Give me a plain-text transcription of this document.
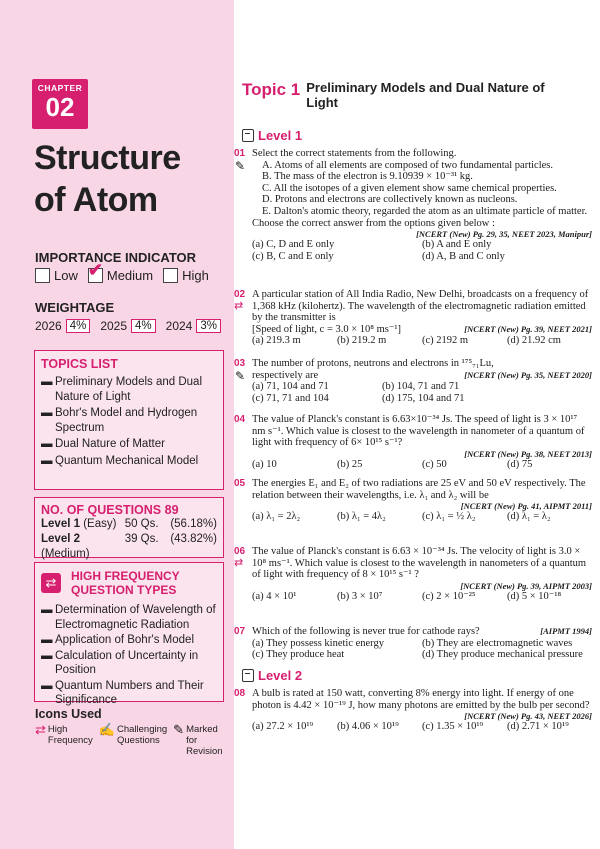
CHAPTER
02
Structure
of Atom
IMPORTANCE INDICATOR
Low ✔ Medium High
WEIGHTAGE
2026 4%	2025 4%	2024 3%
TOPICS LIST
▬ Preliminary Models and Dual Nature of Light
▬ Bohr's Model and Hydrogen Spectrum
▬ Dual Nature of Matter
▬ Quantum Mechanical Model
NO. OF QUESTIONS 89
Level 1 (Easy) 50 Qs.	(56.18%)
Level 2 (Medium)
39 Qs.	(43.82%)
⇄	HIGH FREQUENCY
QUESTION TYPES
▬ Determination of Wavelength of Electromagnetic Radiation
▬ Application of Bohr's Model
▬ Calculation of Uncertainty in Position
▬ Quantum Numbers and Their Significance
Icons Used
⇄ High
Frequency
✍ Challenging
Questions
✎ Marked for
Revision
Topic 1 Preliminary Models and Dual Nature of Light
Level 1
01
✎
Select the correct statements from the following.
A. Atoms of all elements are composed of two fundamental particles.
B. The mass of the electron is 9.10939 × 10⁻³¹ kg.
C. All the isotopes of a given element show same chemical properties.
D. Protons and electrons are collectively known as nucleons.
E. Dalton's atomic theory, regarded the atom as an ultimate particle of matter.
Choose the correct answer from the options given below :
[NCERT (New) Pg. 29, 35, NEET 2023, Manipur]
(a) C, D and E only	(b) A and E only
(c) B, C and E only	(d) A, B and C only
02
⇄
A particular station of All India Radio, New Delhi, broadcasts on a frequency of 1,368 kHz (kilohertz). The wavelength of the electromagnetic radiation emitted by the transmitter is
[Speed of light, c = 3.0 × 10⁸ ms⁻¹]	[NCERT (New) Pg. 39, NEET 2021]
(a) 219.3 m	(b) 219.2 m	(c) 2192 m	(d) 21.92 cm
03
✎
The number of protons, neutrons and electrons in ¹⁷⁵₇₁Lu,
respectively are	[NCERT (New) Pg. 35, NEET 2020]
(a) 71, 104 and 71	(b) 104, 71 and 71
(c) 71, 71 and 104	(d) 175, 104 and 71
04 The value of Planck's constant is 6.63×10⁻³⁴ Js. The speed of light is 3 × 10¹⁷ nm s⁻¹. Which value is closest to the wavelength in nanometer of a quantum of light with frequency of 6× 10¹⁵ s⁻¹?
[NCERT (New) Pg. 38, NEET 2013]
(a) 10	(b) 25	(c) 50	(d) 75
05 The energies E₁ and E₂ of two radiations are 25 eV and 50 eV respectively. The relation between their wavelengths, i.e. λ₁ and λ₂ will be
[NCERT (New) Pg. 41, AIPMT 2011]
(a) λ₁ = 2λ₂	(b) λ₁ = 4λ₂	(c) λ₁ = ½ λ₂	(d) λ₁ = λ₂
06
⇄
The value of Planck's constant is 6.63 × 10⁻³⁴ Js. The velocity of light is 3.0 × 10⁸ ms⁻¹. Which value is closest to the wavelength in nanometers of a quantum of light with frequency of 8 × 10¹⁵ s⁻¹ ?
[NCERT (New) Pg. 39, AIPMT 2003]
(a) 4 × 10¹	(b) 3 × 10⁷	(c) 2 × 10⁻²⁵	(d) 5 × 10⁻¹⁸
07 Which of the following is never true for cathode rays?	[AIPMT 1994]
(a) They possess kinetic energy	(b) They are electromagnetic waves
(c) They produce heat	(d) They produce mechanical pressure
Level 2
08 A bulb is rated at 150 watt, converting 8% energy into light. If energy of one photon is 4.42 × 10⁻¹⁹ J, how many photons are emitted by the bulb per second?
[NCERT (New) Pg. 43, NEET 2026]
(a) 27.2 × 10¹⁹	(b) 4.06 × 10¹⁹	(c) 1.35 × 10¹⁹	(d) 2.71 × 10¹⁹
